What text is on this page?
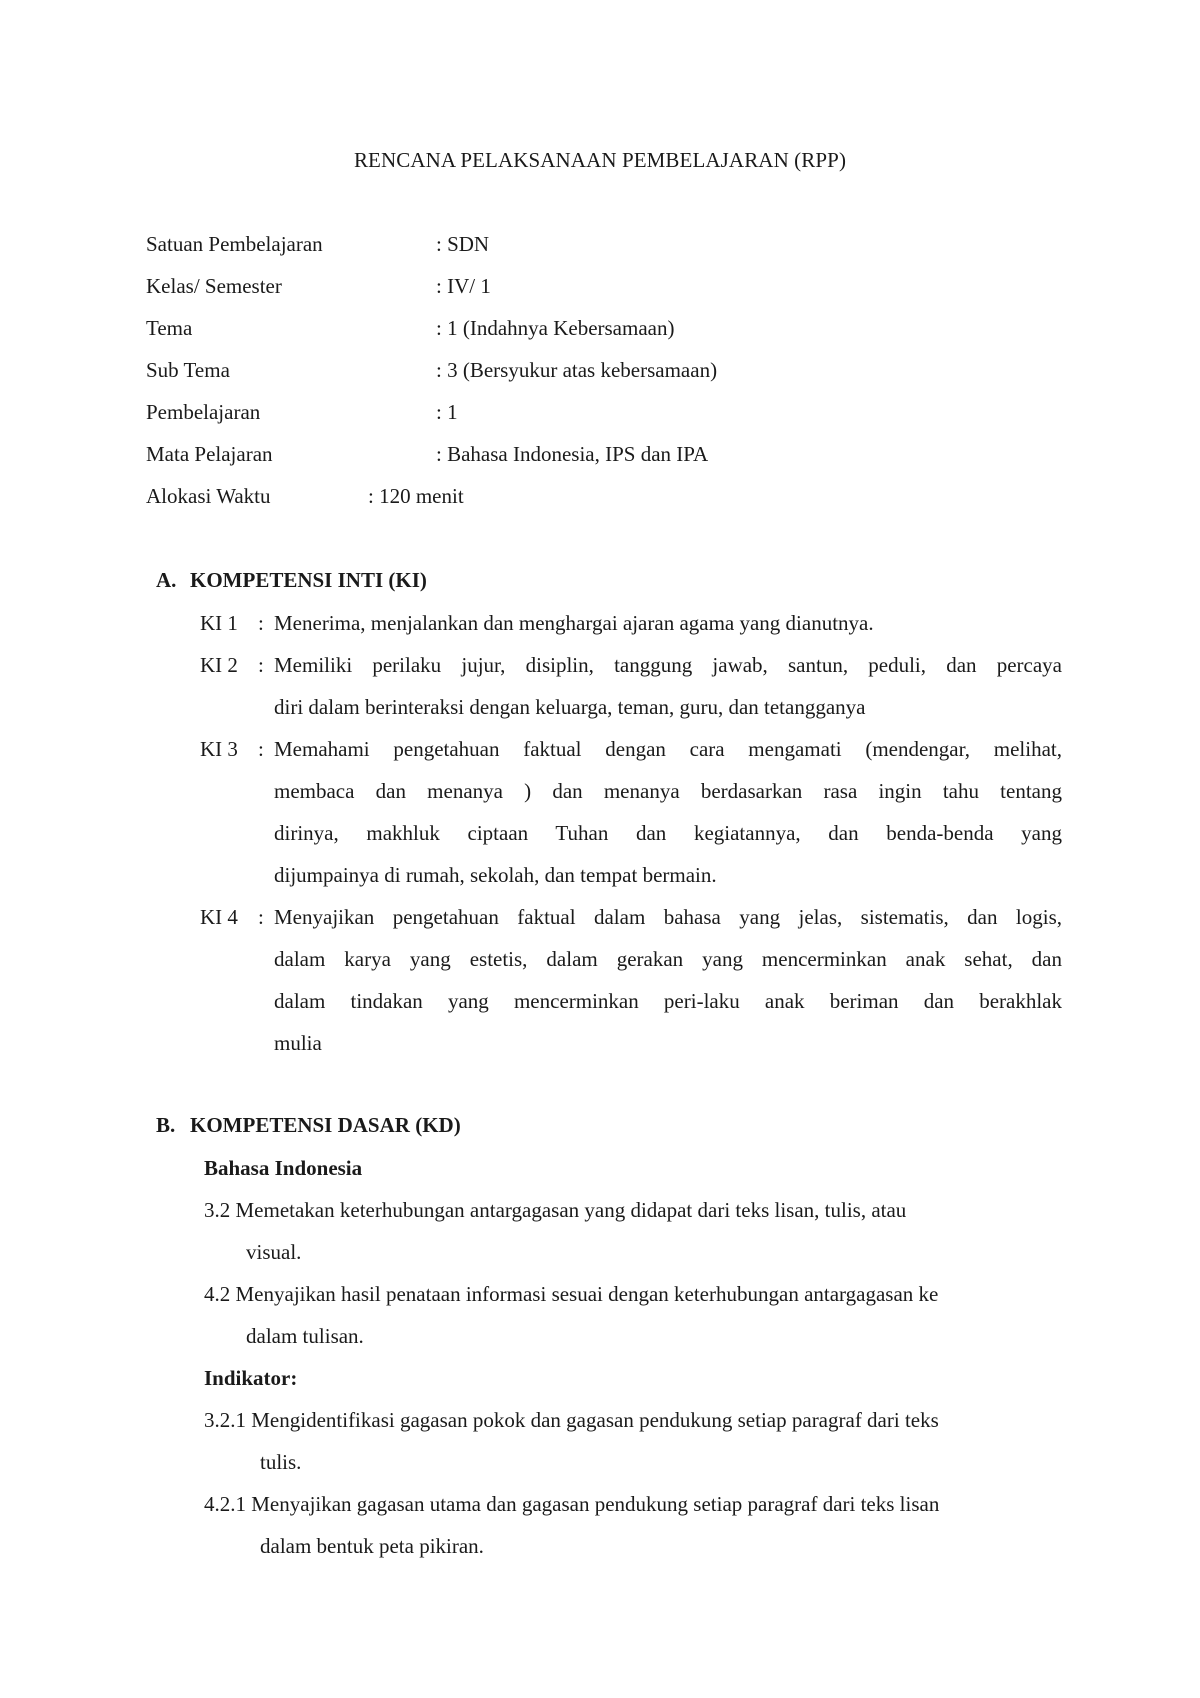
RENCANA PELAKSANAAN PEMBELAJARAN (RPP)
Satuan Pembelajaran	: SDN
Kelas/ Semester	: IV/ 1
Tema	: 1 (Indahnya Kebersamaan)
Sub Tema	: 3 (Bersyukur atas kebersamaan)
Pembelajaran	: 1
Mata Pelajaran	: Bahasa Indonesia, IPS dan IPA
Alokasi Waktu	: 120 menit
A. KOMPETENSI INTI (KI)
KI 1 : Menerima, menjalankan dan menghargai ajaran agama yang dianutnya.
KI 2 : Memiliki perilaku jujur, disiplin, tanggung jawab, santun, peduli, dan percaya
diri dalam berinteraksi dengan keluarga, teman, guru, dan tetangganya
KI 3 : Memahami pengetahuan faktual dengan cara mengamati (mendengar, melihat,
membaca dan menanya ) dan menanya berdasarkan rasa ingin tahu tentang
dirinya, makhluk ciptaan Tuhan dan kegiatannya, dan benda-benda yang
dijumpainya di rumah, sekolah, dan tempat bermain.
KI 4 : Menyajikan pengetahuan faktual dalam bahasa yang jelas, sistematis, dan logis,
dalam karya yang estetis, dalam gerakan yang mencerminkan anak sehat, dan
dalam tindakan yang mencerminkan peri-laku anak beriman dan berakhlak
mulia
B. KOMPETENSI DASAR (KD)
Bahasa Indonesia
3.2 Memetakan keterhubungan antargagasan yang didapat dari teks lisan, tulis, atau
visual.
4.2 Menyajikan hasil penataan informasi sesuai dengan keterhubungan antargagasan ke
dalam tulisan.
Indikator:
3.2.1 Mengidentifikasi gagasan pokok dan gagasan pendukung setiap paragraf dari teks
tulis.
4.2.1 Menyajikan gagasan utama dan gagasan pendukung setiap paragraf dari teks lisan
dalam bentuk peta pikiran.
